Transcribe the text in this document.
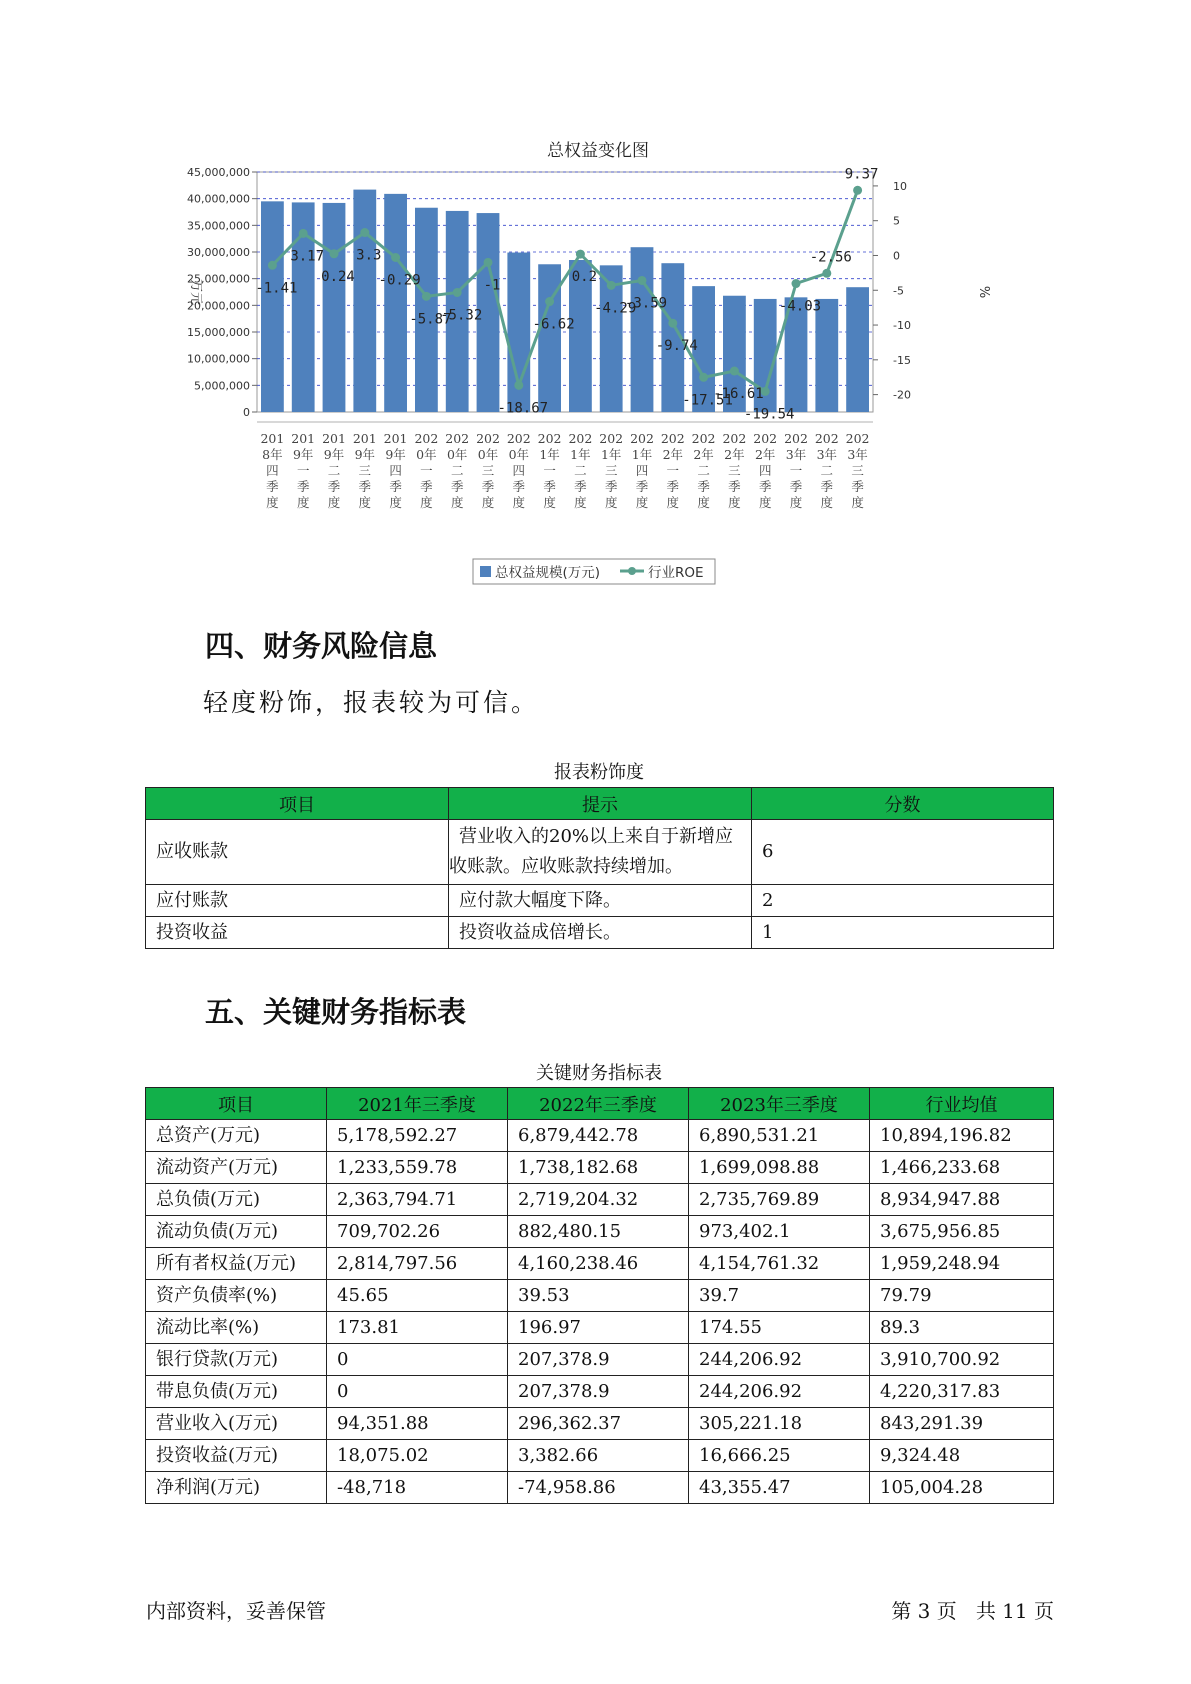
总权益变化图
0
5,000,000
10,000,000
15,000,000
20,000,000
25,000,000
30,000,000
35,000,000
40,000,000
45,000,000
-20
-15
-10
-5
0
5
10
万元	%
201
8年
四
季
度
201
9年
一
季
度
201
9年
二
季
度
201
9年
三
季
度
201
9年
四
季
度
202
0年
一
季
度
202
0年
二
季
度
202
0年
三
季
度
202
0年
四
季
度
202
1年
一
季
度
202
1年
二
季
度
202
1年
三
季
度
202
1年
四
季
度
202
2年
一
季
度
202
2年
二
季
度
202
2年
三
季
度
202
2年
四
季
度
202
3年
一
季
度
202
3年
二
季
度
202
3年
三
季
度
-1.41
3.17
0.24
3.3
-0.29
-5.87
-5.32
-1
-18.67
-6.62
0.2
-4.29
-3.59
-9.74
-17.51
-16.61
-19.54
-4.03
-2.56
9.37
总权益规模(万元)	行业ROE
四、财务风险信息
轻度粉饰，报表较为可信。
报表粉饰度
项目	提示	分数
应收账款	营业收入的20%以上来自于新增应
收账款。应收账款持续增加。	6
应付账款	应付款大幅度下降。	2
投资收益	投资收益成倍增长。	1
五、关键财务指标表
关键财务指标表
项目	2021年三季度	2022年三季度	2023年三季度	行业均值
总资产(万元)	5,178,592.27	6,879,442.78	6,890,531.21	10,894,196.82
流动资产(万元)	1,233,559.78	1,738,182.68	1,699,098.88	1,466,233.68
总负债(万元)	2,363,794.71	2,719,204.32	2,735,769.89	8,934,947.88
流动负债(万元)	709,702.26	882,480.15	973,402.1	3,675,956.85
所有者权益(万元)	2,814,797.56	4,160,238.46	4,154,761.32	1,959,248.94
资产负债率(%)	45.65	39.53	39.7	79.79
流动比率(%)	173.81	196.97	174.55	89.3
银行贷款(万元)	0	207,378.9	244,206.92	3,910,700.92
带息负债(万元)	0	207,378.9	244,206.92	4,220,317.83
营业收入(万元)	94,351.88	296,362.37	305,221.18	843,291.39
投资收益(万元)	18,075.02	3,382.66	16,666.25	9,324.48
净利润(万元)	-48,718	-74,958.86	43,355.47	105,004.28
内部资料，妥善保管	第 3 页   共 11 页
